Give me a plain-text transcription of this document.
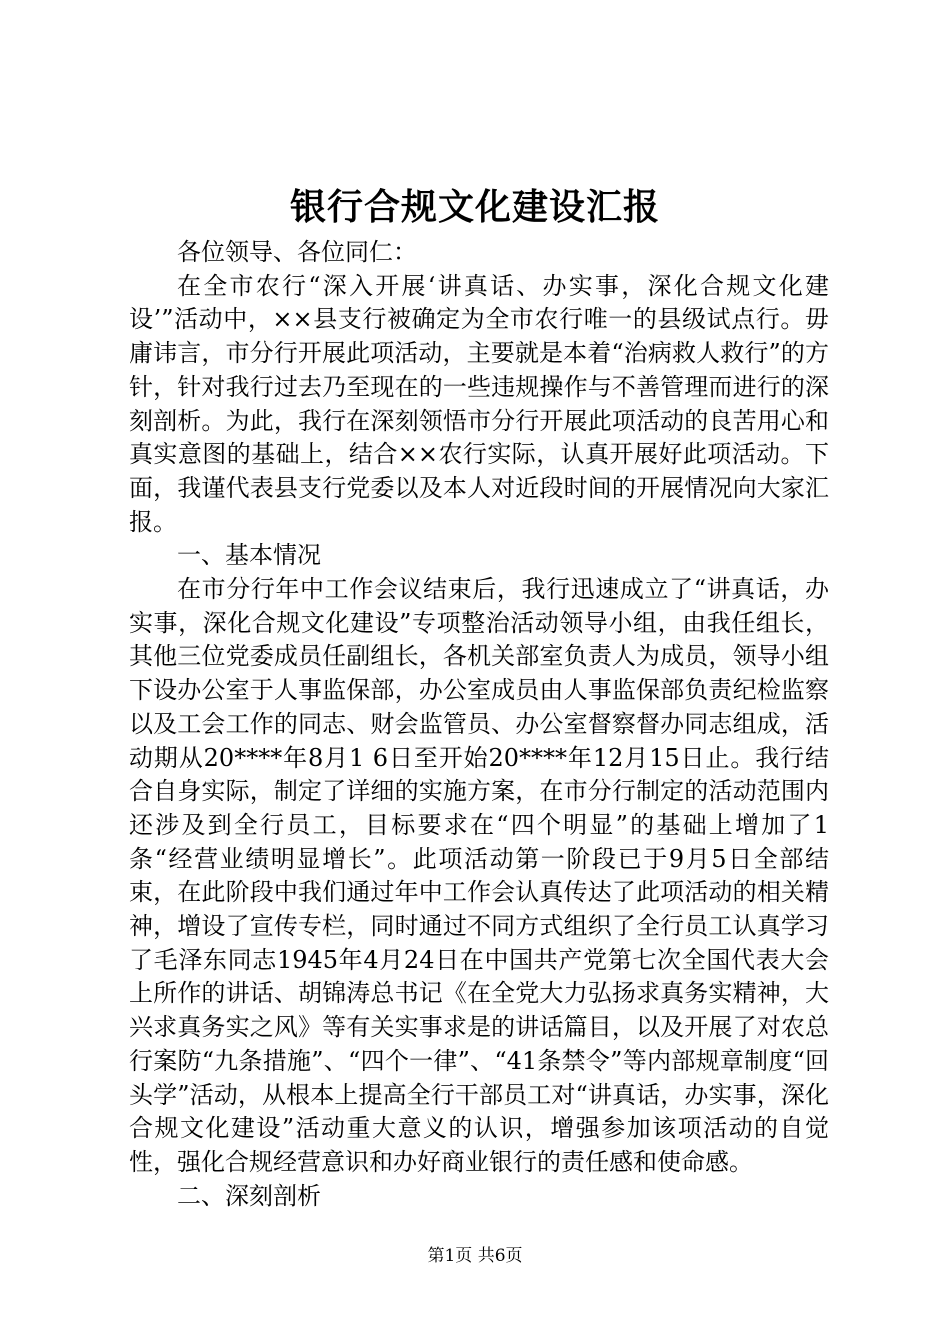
银行合规文化建设汇报

各位领导、各位同仁：

在全市农行“深入开展‘讲真话、办实事，深化合规文化建设’”活动中，××县支行被确定为全市农行唯一的县级试点行。毋庸讳言，市分行开展此项活动，主要就是本着“治病救人救行”的方针，针对我行过去乃至现在的一些违规操作与不善管理而进行的深刻剖析。为此，我行在深刻领悟市分行开展此项活动的良苦用心和真实意图的基础上，结合××农行实际，认真开展好此项活动。下面，我谨代表县支行党委以及本人对近段时间的开展情况向大家汇报。

一、基本情况

在市分行年中工作会议结束后，我行迅速成立了“讲真话，办实事，深化合规文化建设”专项整治活动领导小组，由我任组长，其他三位党委成员任副组长，各机关部室负责人为成员，领导小组下设办公室于人事监保部，办公室成员由人事监保部负责纪检监察以及工会工作的同志、财会监管员、办公室督察督办同志组成，活动期从20****年8月1 6日至开始20****年12月15日止。我行结合自身实际，制定了详细的实施方案，在市分行制定的活动范围内还涉及到全行员工，目标要求在“四个明显”的基础上增加了1条“经营业绩明显增长”。此项活动第一阶段已于9月5日全部结束，在此阶段中我们通过年中工作会认真传达了此项活动的相关精神，增设了宣传专栏，同时通过不同方式组织了全行员工认真学习了毛泽东同志1945年4月24日在中国共产党第七次全国代表大会上所作的讲话、胡锦涛总书记《在全党大力弘扬求真务实精神，大兴求真务实之风》等有关实事求是的讲话篇目，以及开展了对农总行案防“九条措施”、“四个一律”、“41条禁令”等内部规章制度“回头学”活动，从根本上提高全行干部员工对“讲真话，办实事，深化合规文化建设”活动重大意义的认识，增强参加该项活动的自觉性，强化合规经营意识和办好商业银行的责任感和使命感。

二、深刻剖析

第1页 共6页
